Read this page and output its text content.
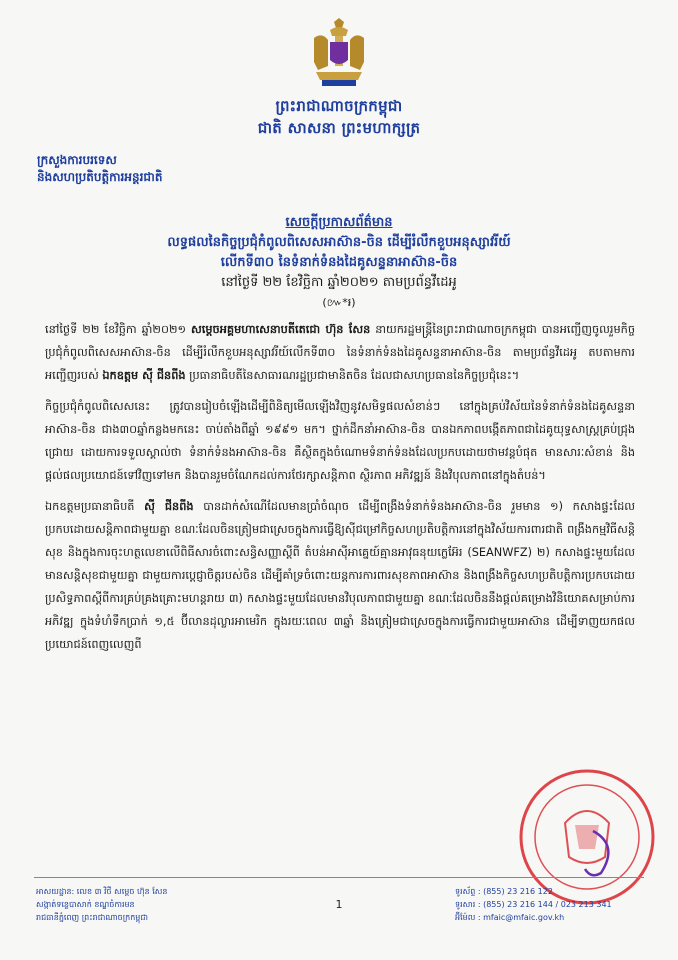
ព្រះរាជាណាចក្រកម្ពុជា
ជាតិ សាសនា ព្រះមហាក្សត្រ
ក្រសួងការបរទេស
និងសហប្រតិបត្តិការអន្តរជាតិ
សេចក្តីប្រកាសព័ត៌មាន
លទ្ធផលនៃកិច្ចប្រជុំកំពូលពិសេសអាស៊ាន-ចិន ដើម្បីរំលឹកខួបអនុស្សាវរីយ៍
លើកទី៣០ នៃទំនាក់ទំនងដៃគូសន្ទនាអាស៊ាន-ចិន
នៅថ្ងៃទី ២២ ខែវិច្ឆិកា ឆ្នាំ២០២១ តាមប្រព័ន្ធវីដេអូ
(៚*៛)

នៅថ្ងៃទី ២២ ខែវិច្ឆិកា ឆ្នាំ២០២១ សម្តេចអគ្គមហាសេនាបតីតេជោ ហ៊ុន សែន នាយករដ្ឋមន្ត្រីនៃព្រះរាជាណាចក្រកម្ពុជា បានអញ្ជើញចូលរួមកិច្ចប្រជុំកំពូលពិសេសអាស៊ាន-ចិន ដើម្បីរំលឹកខួបអនុស្សាវរីយ៍លើកទី៣០ នៃទំនាក់ទំនងដៃគូសន្ទនាអាស៊ាន-ចិន តាមប្រព័ន្ធវីដេអូ តបតាមការអញ្ជើញរបស់ ឯកឧត្តម ស៊ី ជីនពីង ប្រធានាធិបតីនៃសាធារណរដ្ឋប្រជាមានិតចិន ដែលជាសហប្រធាននៃកិច្ចប្រជុំនេះ។

កិច្ចប្រជុំកំពូលពិសេសនេះ ត្រូវបានរៀបចំឡើងដើម្បីពិនិត្យមើលឡើងវិញនូវសមិទ្ធផលសំខាន់ៗ នៅក្នុងគ្រប់វិស័យនៃទំនាក់ទំនងដៃគូសន្ទនាអាស៊ាន-ចិន ជាង៣០ឆ្នាំកន្លងមកនេះ ចាប់តាំងពីឆ្នាំ ១៩៩១ មក។ ថ្នាក់ដឹកនាំអាស៊ាន-ចិន បានឯកភាពបង្កើតភាពជាដៃគូយុទ្ធសាស្ត្រគ្រប់ជ្រុងជ្រោយ ដោយការទទួលស្គាល់ថា ទំនាក់ទំនងអាស៊ាន-ចិន គឺស្ថិតក្នុងចំណោមទំនាក់ទំនងដែលប្រកបដោយថាមវន្តបំផុត មានសារៈសំខាន់ និងផ្តល់ផលប្រយោជន៍ទៅវិញទៅមក និងបានរួមចំណែកដល់ការថែរក្សាសន្តិភាព ស្ថិរភាព អភិវឌ្ឍន៍ និងវិបុលភាពនៅក្នុងតំបន់។

ឯកឧត្តមប្រធានាធិបតី ស៊ី ជីនពីង បានដាក់សំណើដែលមានប្រាំចំណុច ដើម្បីពង្រឹងទំនាក់ទំនងអាស៊ាន-ចិន រួមមាន ១) កសាងផ្ទះដែលប្រកបដោយសន្តិភាពជាមួយគ្នា ខណៈដែលចិនត្រៀមជាស្រេចក្នុងការធ្វើឱ្យស៊ីជម្រៅកិច្ចសហប្រតិបត្តិការនៅក្នុងវិស័យការពារជាតិ ពង្រឹងកម្មវិធីសន្តិសុខ និងក្នុងការចុះហត្ថលេខាលើពិធីសារចំពោះសន្ធិសញ្ញាស្តីពី តំបន់អាស៊ីអាគ្នេយ៍គ្មានអាវុធនុយក្លេអ៊ែរ (SEANWFZ) ២) កសាងផ្ទះមួយដែលមានសន្តិសុខជាមួយគ្នា ជាមួយការប្តេជ្ញាចិត្តរបស់ចិន ដើម្បីគាំទ្រចំពោះយន្តការការពារសុខភាពអាស៊ាន និងពង្រឹងកិច្ចសហប្រតិបត្តិការប្រកបដោយប្រសិទ្ធភាពស្តីពីការគ្រប់គ្រងគ្រោះមហន្តរាយ ៣) កសាងផ្ទះមួយដែលមានវិបុលភាពជាមួយគ្នា ខណៈដែលចិននឹងផ្តល់គម្រោងវិនិយោគសម្រាប់ការអភិវឌ្ឍ ក្នុងទំហំទឹកប្រាក់ ១,៥ ប៊ីលានដុល្លារអាមេរិក ក្នុងរយៈពេល ៣ឆ្នាំ និងត្រៀមជាស្រេចក្នុងការធ្វើការជាមួយអាស៊ាន ដើម្បីទាញយកផលប្រយោជន៍ពេញលេញពី

អាសយដ្ឋាន: លេខ ៣ វិថី សម្តេច ហ៊ុន សែន
សង្កាត់ទន្លេបាសាក់ ខណ្ឌចំការមន
រាជធានីភ្នំពេញ ព្រះរាជាណាចក្រកម្ពុជា
1
ទូរស័ព្ទ : (855) 23 216 122
ទូរសារ : (855) 23 216 144 / 023 213 341
អ៊ីម៉ែល : mfaic@mfaic.gov.kh
